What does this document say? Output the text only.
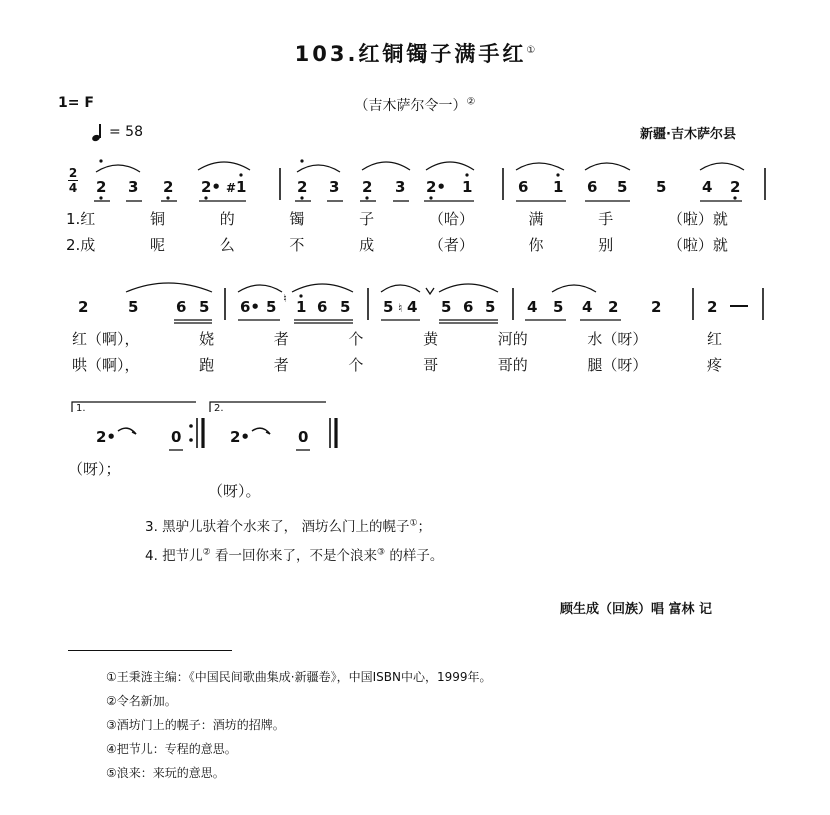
103.红铜镯子满手红①
（吉木萨尔令一）②
1= F
= 58	新疆·吉木萨尔县
2
4 2 3 2 2• # 1	2 3 2 3 2• 1	6 1 6 5 5 4 2
2	5	6 5 6• 5 ♮ 1 6 5 5 ♮ 4 5 6 5 4 5 4 2 2	2
2•	0	2•	0
1.	2.
1.红	铜	的	镯	子	（哈）	满	手	（啦）就
2.成	呢	么	不	成	（者）	你	别	（啦）就
红（啊），	娆	者	个	黄	河的	水（呀）	红
哄（啊），	跑	者	个	哥	哥的	腿（呀）	疼
（呀）；
（呀）。
3. 黑驴儿驮着个水来了， 酒坊么门上的幌子①；
4. 把节儿② 看一回你来了，不是个浪来③ 的样子。
顾生成（回族）唱 富林 记
①王秉涟主编：《中国民间歌曲集成·新疆卷》，中国ISBN中心，1999年。
②令名新加。
③酒坊门上的幌子：酒坊的招牌。
④把节儿：专程的意思。
⑤浪来：来玩的意思。
